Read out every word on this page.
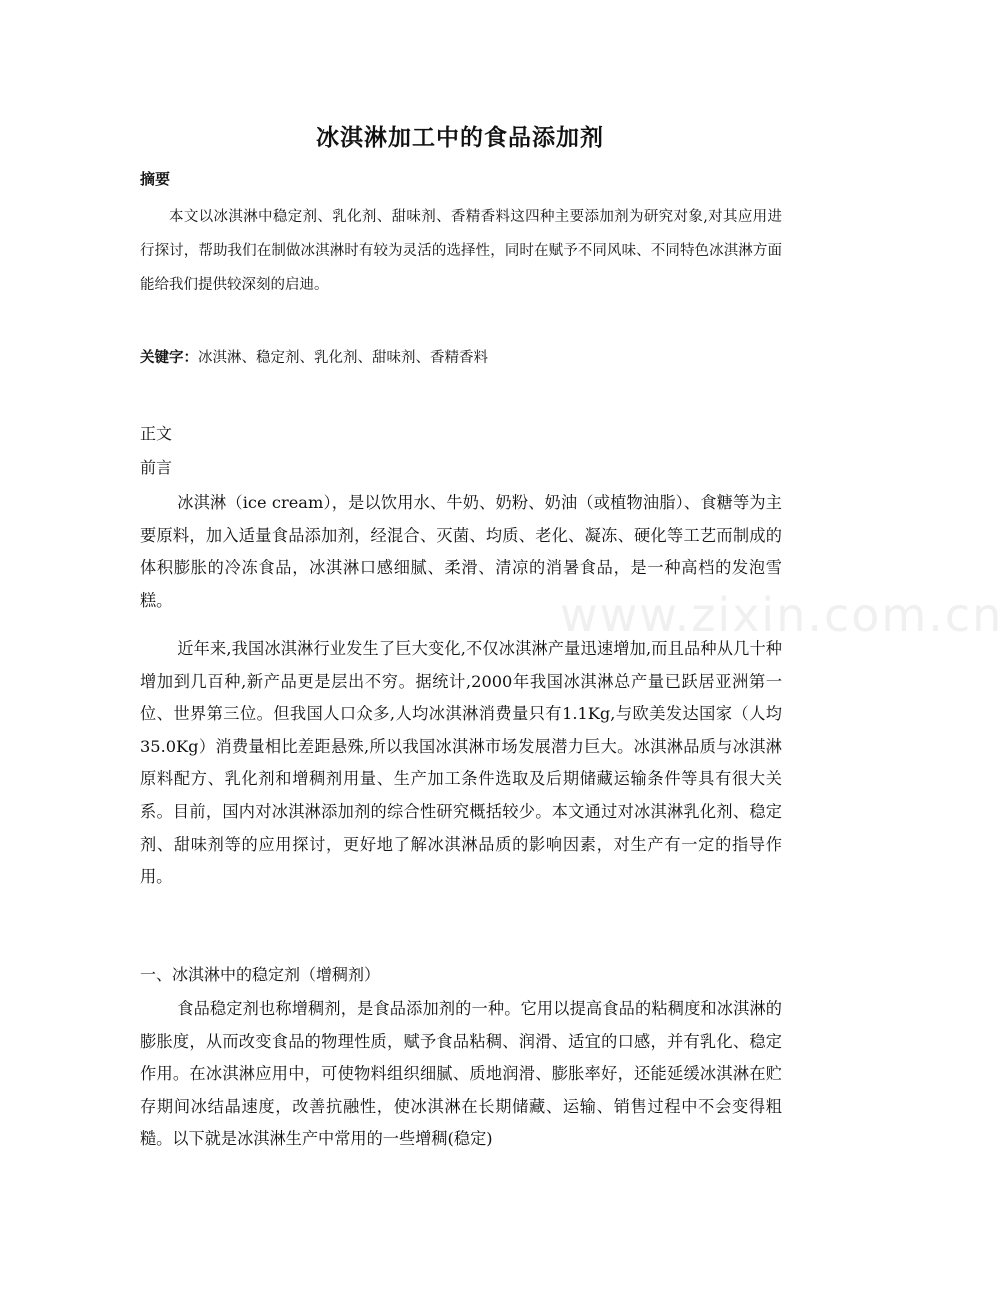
www.zixin.com.cn
冰淇淋加工中的食品添加剂
摘要
本文以冰淇淋中稳定剂、乳化剂、甜味剂、香精香料这四种主要添加剂为研究对象,对其应用进行探讨，帮助我们在制做冰淇淋时有较为灵活的选择性，同时在赋予不同风味、不同特色冰淇淋方面能给我们提供较深刻的启迪。
关键字：冰淇淋、稳定剂、乳化剂、甜味剂、香精香料
正文
前言
冰淇淋（ice cream），是以饮用水、牛奶、奶粉、奶油（或植物油脂）、食糖等为主要原料，加入适量食品添加剂，经混合、灭菌、均质、老化、凝冻、硬化等工艺而制成的体积膨胀的冷冻食品，冰淇淋口感细腻、柔滑、清凉的消暑食品，是一种高档的发泡雪糕。
近年来,我国冰淇淋行业发生了巨大变化,不仅冰淇淋产量迅速增加,而且品种从几十种增加到几百种,新产品更是层出不穷。据统计,2000年我国冰淇淋总产量已跃居亚洲第一位、世界第三位。但我国人口众多,人均冰淇淋消费量只有1.1Kg,与欧美发达国家（人均35.0Kg）消费量相比差距悬殊,所以我国冰淇淋市场发展潜力巨大。冰淇淋品质与冰淇淋原料配方、乳化剂和增稠剂用量、生产加工条件选取及后期储藏运输条件等具有很大关系。目前，国内对冰淇淋添加剂的综合性研究概括较少。本文通过对冰淇淋乳化剂、稳定剂、甜味剂等的应用探讨，更好地了解冰淇淋品质的影响因素，对生产有一定的指导作用。
一、冰淇淋中的稳定剂（增稠剂）
食品稳定剂也称增稠剂，是食品添加剂的一种。它用以提高食品的粘稠度和冰淇淋的膨胀度，从而改变食品的物理性质，赋予食品粘稠、润滑、适宜的口感，并有乳化、稳定作用。在冰淇淋应用中，可使物料组织细腻、质地润滑、膨胀率好，还能延缓冰淇淋在贮存期间冰结晶速度，改善抗融性，使冰淇淋在长期储藏、运输、销售过程中不会变得粗糙。以下就是冰淇淋生产中常用的一些增稠(稳定)
